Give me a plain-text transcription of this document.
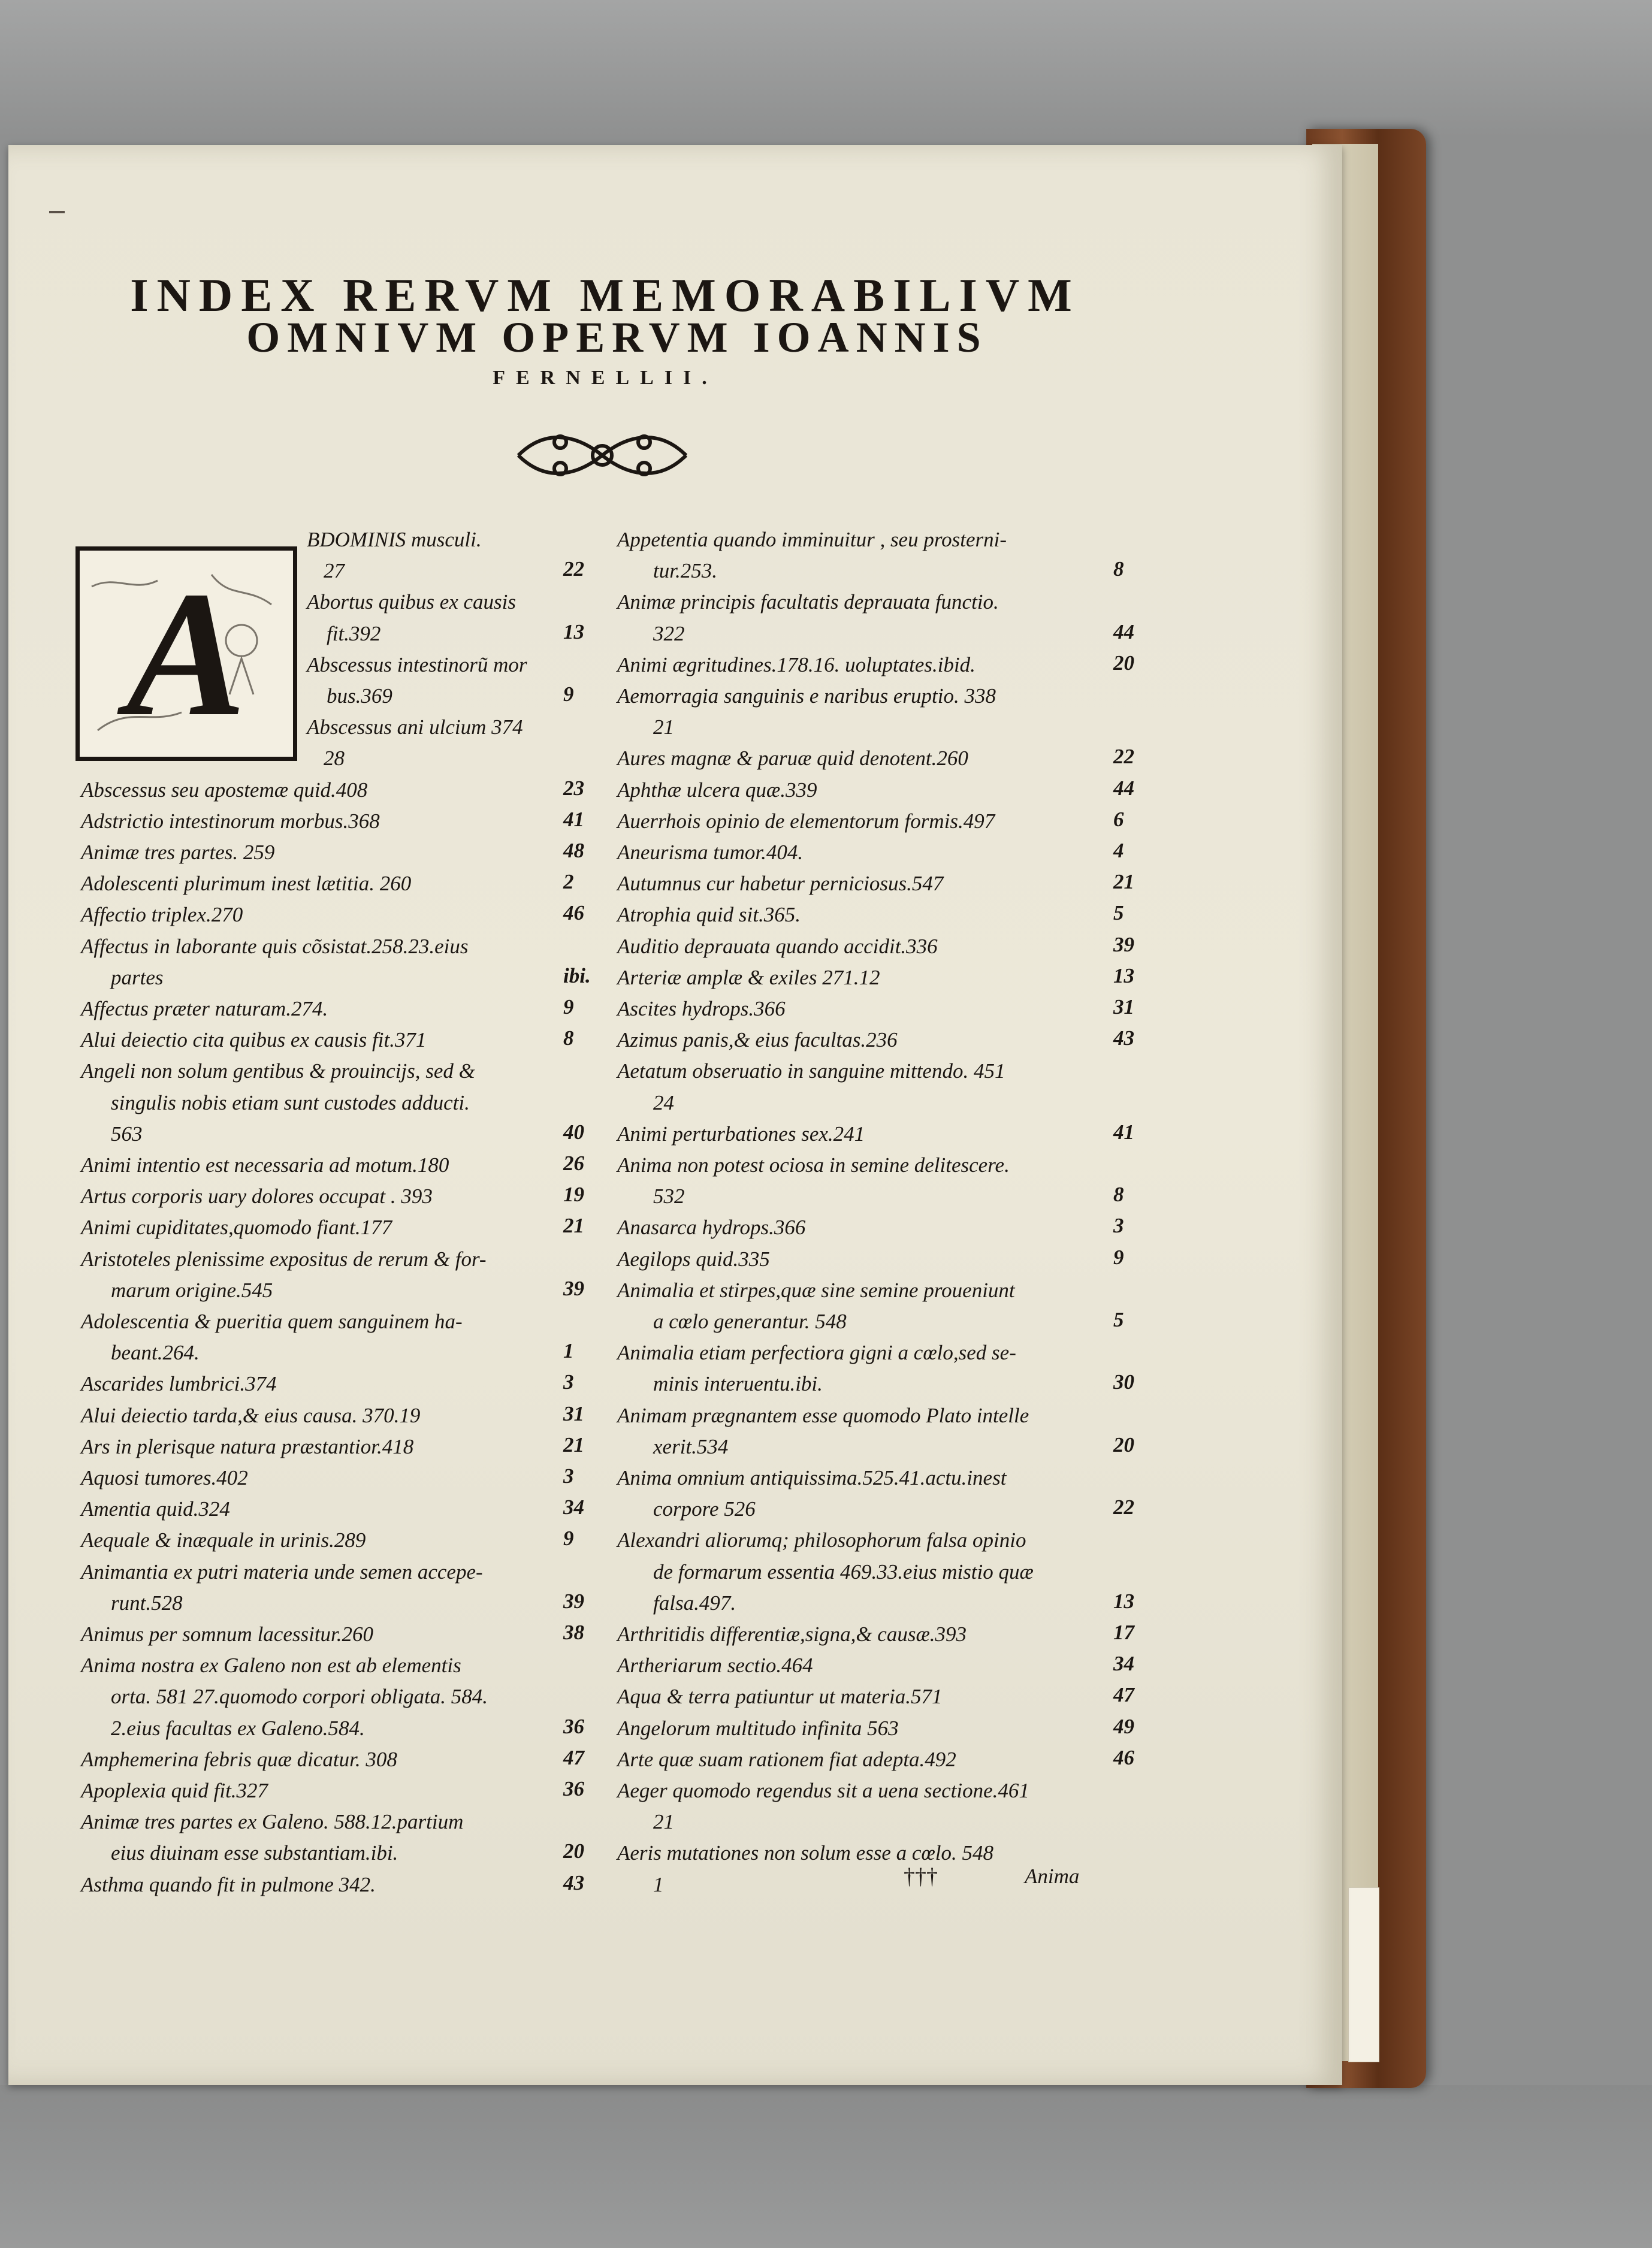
INDEX RERVM MEMORABILIVM
OMNIVM OPERVM IOANNIS
FERNELLII.
A
BDOMINIS musculi.
27	22
Abortus quibus ex causis
fit.392	13
Abscessus intestinorũ mor
bus.369	9
Abscessus ani ulcium 374
28
Abscessus seu apostemæ quid.408	23
Adstrictio intestinorum morbus.368	41
Animæ tres partes. 259	48
Adolescenti plurimum inest lætitia. 260	2
Affectio triplex.270	46
Affectus in laborante quis cõsistat.258.23.eius
partes	ibi.
Affectus præter naturam.274.	9
Alui deiectio cita quibus ex causis fit.371	8
Angeli non solum gentibus & prouincijs, sed &
singulis nobis etiam sunt custodes adducti.
563	40
Animi intentio est necessaria ad motum.180	26
Artus corporis uary dolores occupat . 393	19
Animi cupiditates,quomodo fiant.177	21
Aristoteles plenissime expositus de rerum & for-
marum origine.545	39
Adolescentia & pueritia quem sanguinem ha-
beant.264.	1
Ascarides lumbrici.374	3
Alui deiectio tarda,& eius causa. 370.19	31
Ars in plerisque natura præstantior.418	21
Aquosi tumores.402	3
Amentia quid.324	34
Aequale & inæquale in urinis.289	9
Animantia ex putri materia unde semen accepe-
runt.528	39
Animus per somnum lacessitur.260	38
Anima nostra ex Galeno non est ab elementis
orta. 581 27.quomodo corpori obligata. 584.
2.eius facultas ex Galeno.584.	36
Amphemerina febris quæ dicatur. 308	47
Apoplexia quid fit.327	36
Animæ tres partes ex Galeno. 588.12.partium
eius diuinam esse substantiam.ibi.	20
Asthma quando fit in pulmone 342.	43
Appetentia quando imminuitur , seu prosterni-
tur.253.	8
Animæ principis facultatis deprauata functio.
322	44
Animi ægritudines.178.16. uoluptates.ibid.	20
Aemorragia sanguinis e naribus eruptio. 338
21
Aures magnæ & paruæ quid denotent.260	22
Aphthæ ulcera quæ.339	44
Auerrhois opinio de elementorum formis.497	6
Aneurisma tumor.404.	4
Autumnus cur habetur perniciosus.547	21
Atrophia quid sit.365.	5
Auditio deprauata quando accidit.336	39
Arteriæ amplæ & exiles 271.12	13
Ascites hydrops.366	31
Azimus panis,& eius facultas.236	43
Aetatum obseruatio in sanguine mittendo. 451
24
Animi perturbationes sex.241	41
Anima non potest ociosa in semine delitescere.
532	8
Anasarca hydrops.366	3
Aegilops quid.335	9
Animalia et stirpes,quæ sine semine proueniunt
a cœlo generantur. 548	5
Animalia etiam perfectiora gigni a cœlo,sed se-
minis interuentu.ibi.	30
Animam prægnantem esse quomodo Plato intelle
xerit.534	20
Anima omnium antiquissima.525.41.actu.inest
corpore 526	22
Alexandri aliorumq; philosophorum falsa opinio
de formarum essentia 469.33.eius mistio quæ
falsa.497.	13
Arthritidis differentiæ,signa,& causæ.393	17
Artheriarum sectio.464	34
Aqua & terra patiuntur ut materia.571	47
Angelorum multitudo infinita 563	49
Arte quæ suam rationem fiat adepta.492	46
Aeger quomodo regendus sit a uena sectione.461
21
Aeris mutationes non solum esse a cœlo. 548
1	†††	Anima
